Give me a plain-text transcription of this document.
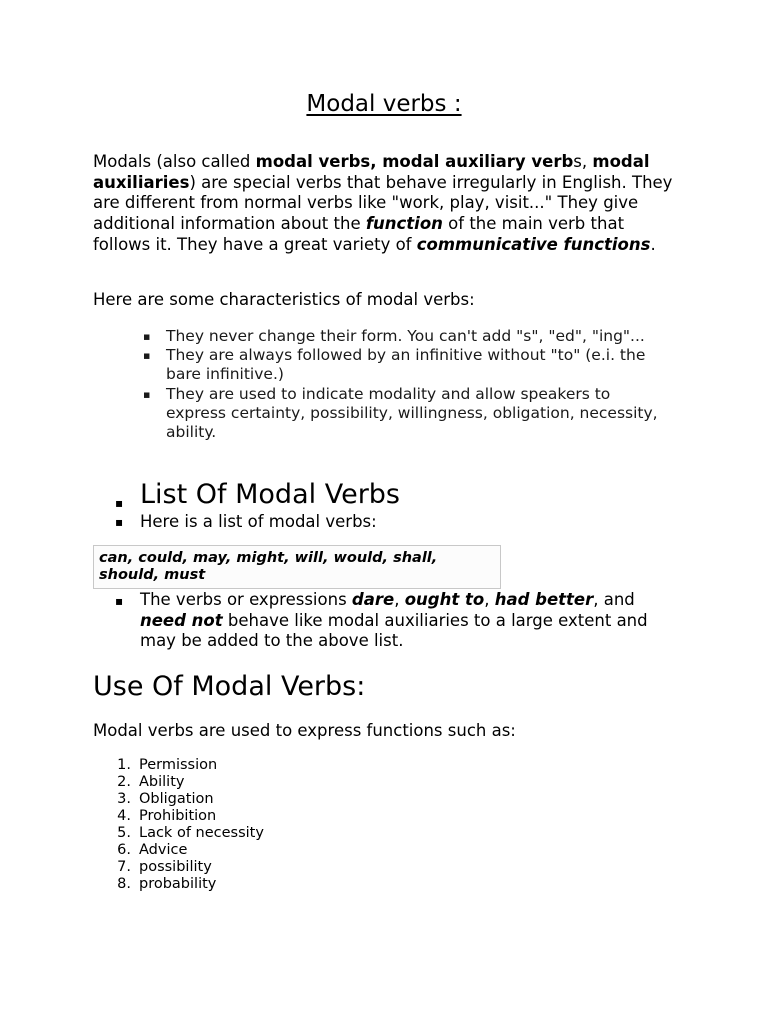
Modal verbs :

Modals (also called modal verbs, modal auxiliary verbs, modal auxiliaries) are special verbs that behave irregularly in English. They are different from normal verbs like "work, play, visit..." They give additional information about the function of the main verb that follows it. They have a great variety of communicative functions.

Here are some characteristics of modal verbs:

▪ They never change their form. You can't add "s", "ed", "ing"...
▪ They are always followed by an infinitive without "to" (e.i. the bare infinitive.)
▪ They are used to indicate modality and allow speakers to express certainty, possibility, willingness, obligation, necessity, ability.
▪ List Of Modal Verbs
▪ Here is a list of modal verbs:
can, could, may, might, will, would, shall, should, must
▪ The verbs or expressions dare, ought to, had better, and need not behave like modal auxiliaries to a large extent and may be added to the above list.
Use Of Modal Verbs:

Modal verbs are used to express functions such as:

1. Permission
2. Ability
3. Obligation
4. Prohibition
5. Lack of necessity
6. Advice
7. possibility
8. probability
